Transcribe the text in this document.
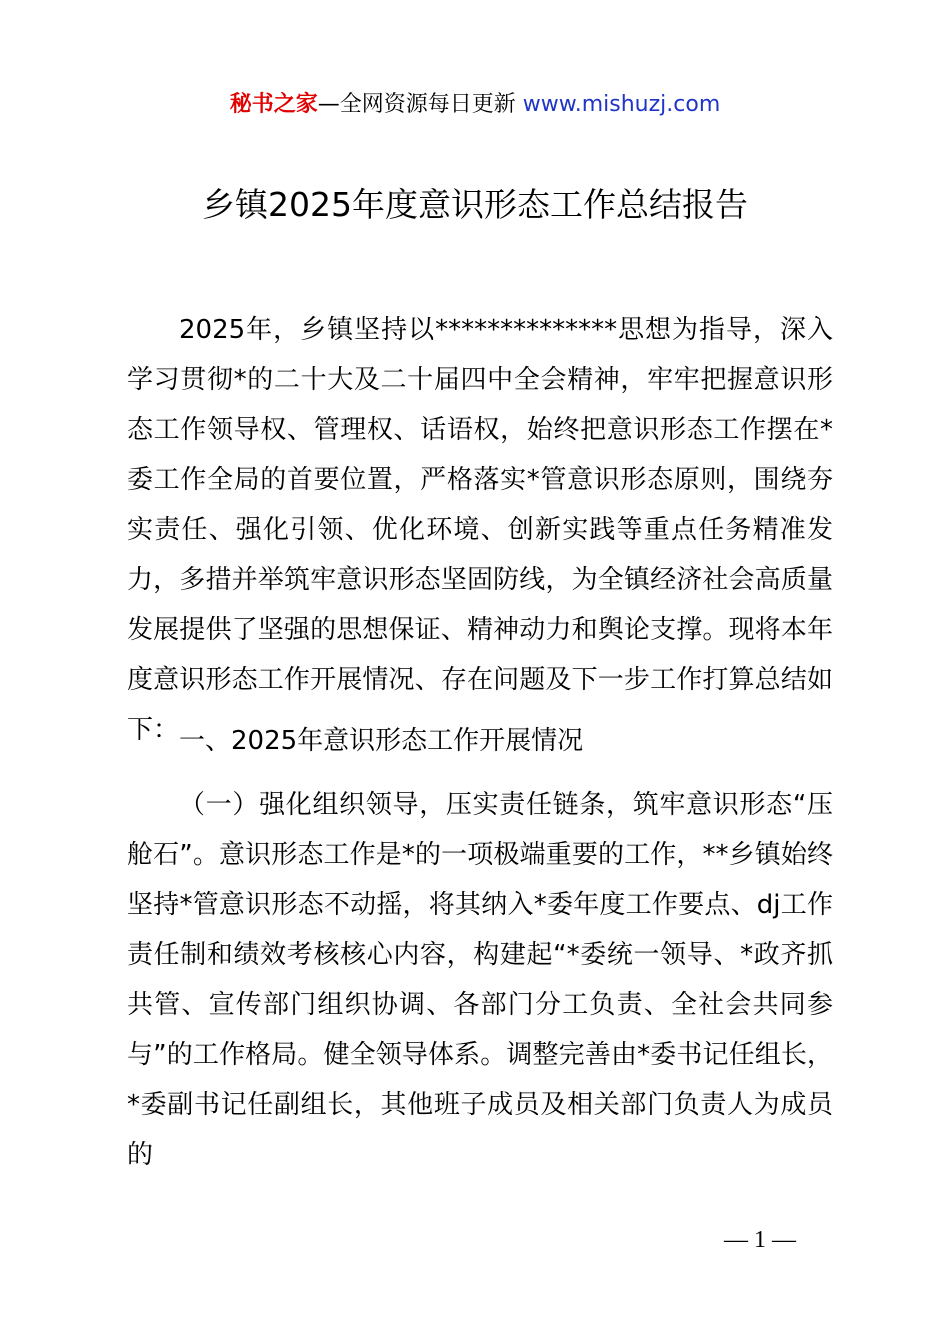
秘书之家—全网资源每日更新 www.mishuzj.com
乡镇2025年度意识形态工作总结报告

2025年，乡镇坚持以**************思想为指导，深入学习贯彻*的二十大及二十届四中全会精神，牢牢把握意识形态工作领导权、管理权、话语权，始终把意识形态工作摆在*委工作全局的首要位置，严格落实*管意识形态原则，围绕夯实责任、强化引领、优化环境、创新实践等重点任务精准发力，多措并举筑牢意识形态坚固防线，为全镇经济社会高质量发展提供了坚强的思想保证、精神动力和舆论支撑。现将本年度意识形态工作开展情况、存在问题及下一步工作打算总结如下： 一、2025年意识形态工作开展情况

（一）强化组织领导，压实责任链条，筑牢意识形态“压舱石”。意识形态工作是*的一项极端重要的工作，**乡镇始终坚持*管意识形态不动摇，将其纳入*委年度工作要点、dj工作责任制和绩效考核核心内容，构建起“*委统一领导、*政齐抓共管、宣传部门组织协调、各部门分工负责、全社会共同参与”的工作格局。健全领导体系。调整完善由*委书记任组长，*委副书记任副组长，其他班子成员及相关部门负责人为成员的

— 1 —
